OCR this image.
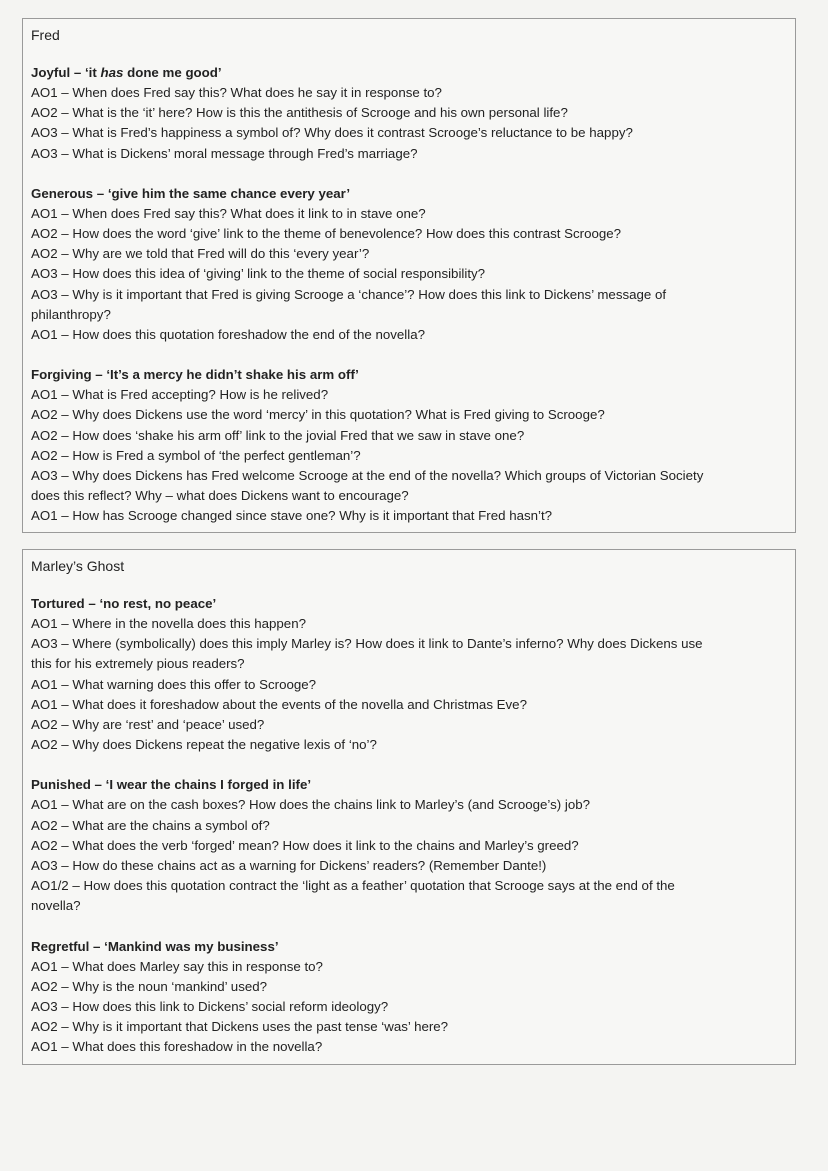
Fred
Joyful – ‘it has done me good’
AO1 – When does Fred say this? What does he say it in response to?
AO2 – What is the ‘it’ here? How is this the antithesis of Scrooge and his own personal life?
AO3 – What is Fred’s happiness a symbol of? Why does it contrast Scrooge’s reluctance to be happy?
AO3 – What is Dickens’ moral message through Fred’s marriage?
Generous – ‘give him the same chance every year’
AO1 – When does Fred say this? What does it link to in stave one?
AO2 – How does the word ‘give’ link to the theme of benevolence? How does this contrast Scrooge?
AO2 – Why are we told that Fred will do this ‘every year’?
AO3 – How does this idea of ‘giving’ link to the theme of social responsibility?
AO3 – Why is it important that Fred is giving Scrooge a ‘chance’? How does this link to Dickens’ message of
philanthropy?
AO1 – How does this quotation foreshadow the end of the novella?
Forgiving – ‘It’s a mercy he didn’t shake his arm off’
AO1 – What is Fred accepting? How is he relived?
AO2 – Why does Dickens use the word ‘mercy’ in this quotation? What is Fred giving to Scrooge?
AO2 – How does ‘shake his arm off’ link to the jovial Fred that we saw in stave one?
AO2 – How is Fred a symbol of ‘the perfect gentleman’?
AO3 – Why does Dickens has Fred welcome Scrooge at the end of the novella? Which groups of Victorian Society
does this reflect? Why – what does Dickens want to encourage?
AO1 – How has Scrooge changed since stave one? Why is it important that Fred hasn’t?
Marley’s Ghost
Tortured – ‘no rest, no peace’
AO1 – Where in the novella does this happen?
AO3 – Where (symbolically) does this imply Marley is? How does it link to Dante’s inferno? Why does Dickens use
this for his extremely pious readers?
AO1 – What warning does this offer to Scrooge?
AO1 – What does it foreshadow about the events of the novella and Christmas Eve?
AO2 – Why are ‘rest’ and ‘peace’ used?
AO2 – Why does Dickens repeat the negative lexis of ‘no’?
Punished – ‘I wear the chains I forged in life’
AO1 – What are on the cash boxes? How does the chains link to Marley’s (and Scrooge’s) job?
AO2 – What are the chains a symbol of?
AO2 – What does the verb ‘forged’ mean? How does it link to the chains and Marley’s greed?
AO3 – How do these chains act as a warning for Dickens’ readers? (Remember Dante!)
AO1/2 – How does this quotation contract the ‘light as a feather’ quotation that Scrooge says at the end of the
novella?
Regretful – ‘Mankind was my business’
AO1 – What does Marley say this in response to?
AO2 – Why is the noun ‘mankind’ used?
AO3 – How does this link to Dickens’ social reform ideology?
AO2 – Why is it important that Dickens uses the past tense ‘was’ here?
AO1 – What does this foreshadow in the novella?
